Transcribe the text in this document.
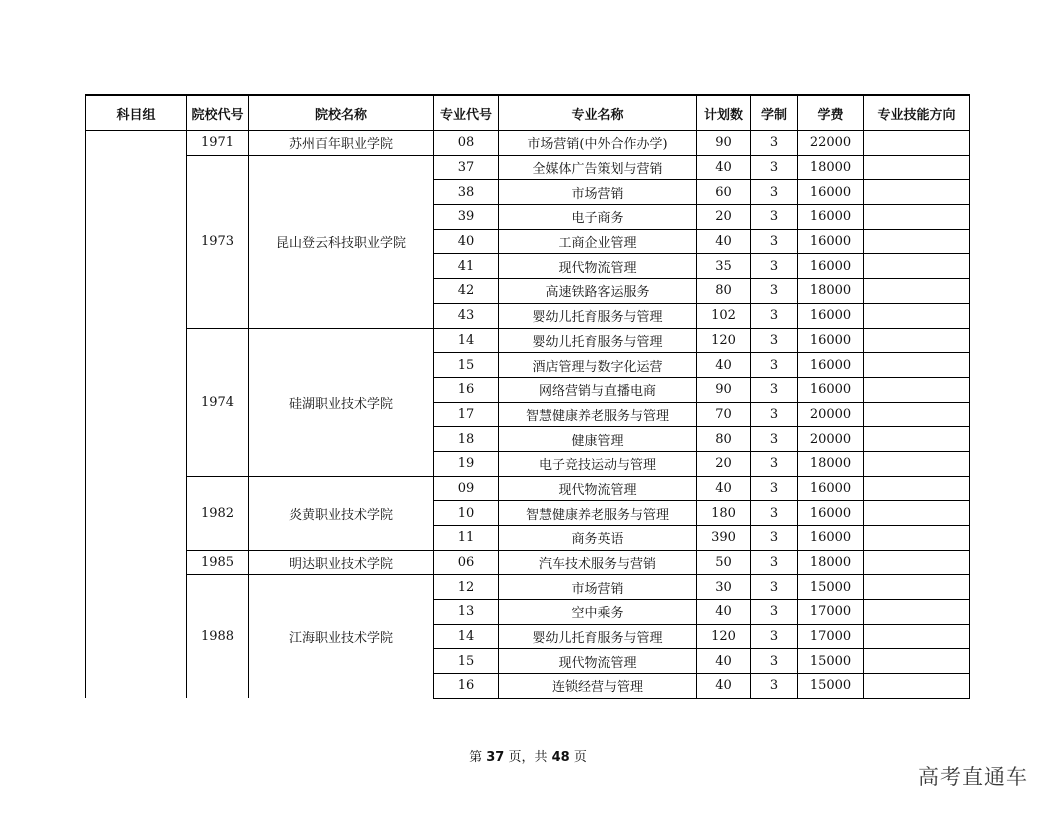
科目组	院校代号	院校名称	专业代号	专业名称	计划数	学制	学费	专业技能方向
	1971	苏州百年职业学院	08	市场营销(中外合作办学)	90	3	22000	
	1973	昆山登云科技职业学院	37	全媒体广告策划与营销	40	3	18000	
			38	市场营销	60	3	16000	
			39	电子商务	20	3	16000	
			40	工商企业管理	40	3	16000	
			41	现代物流管理	35	3	16000	
			42	高速铁路客运服务	80	3	18000	
			43	婴幼儿托育服务与管理	102	3	16000	
	1974	硅湖职业技术学院	14	婴幼儿托育服务与管理	120	3	16000	
			15	酒店管理与数字化运营	40	3	16000	
			16	网络营销与直播电商	90	3	16000	
			17	智慧健康养老服务与管理	70	3	20000	
			18	健康管理	80	3	20000	
			19	电子竞技运动与管理	20	3	18000	
	1982	炎黄职业技术学院	09	现代物流管理	40	3	16000	
			10	智慧健康养老服务与管理	180	3	16000	
			11	商务英语	390	3	16000	
	1985	明达职业技术学院	06	汽车技术服务与营销	50	3	18000	
	1988	江海职业技术学院	12	市场营销	30	3	15000	
			13	空中乘务	40	3	17000	
			14	婴幼儿托育服务与管理	120	3	17000	
			15	现代物流管理	40	3	15000	
			16	连锁经营与管理	40	3	15000	
第 37 页，共 48 页
高考直通车
